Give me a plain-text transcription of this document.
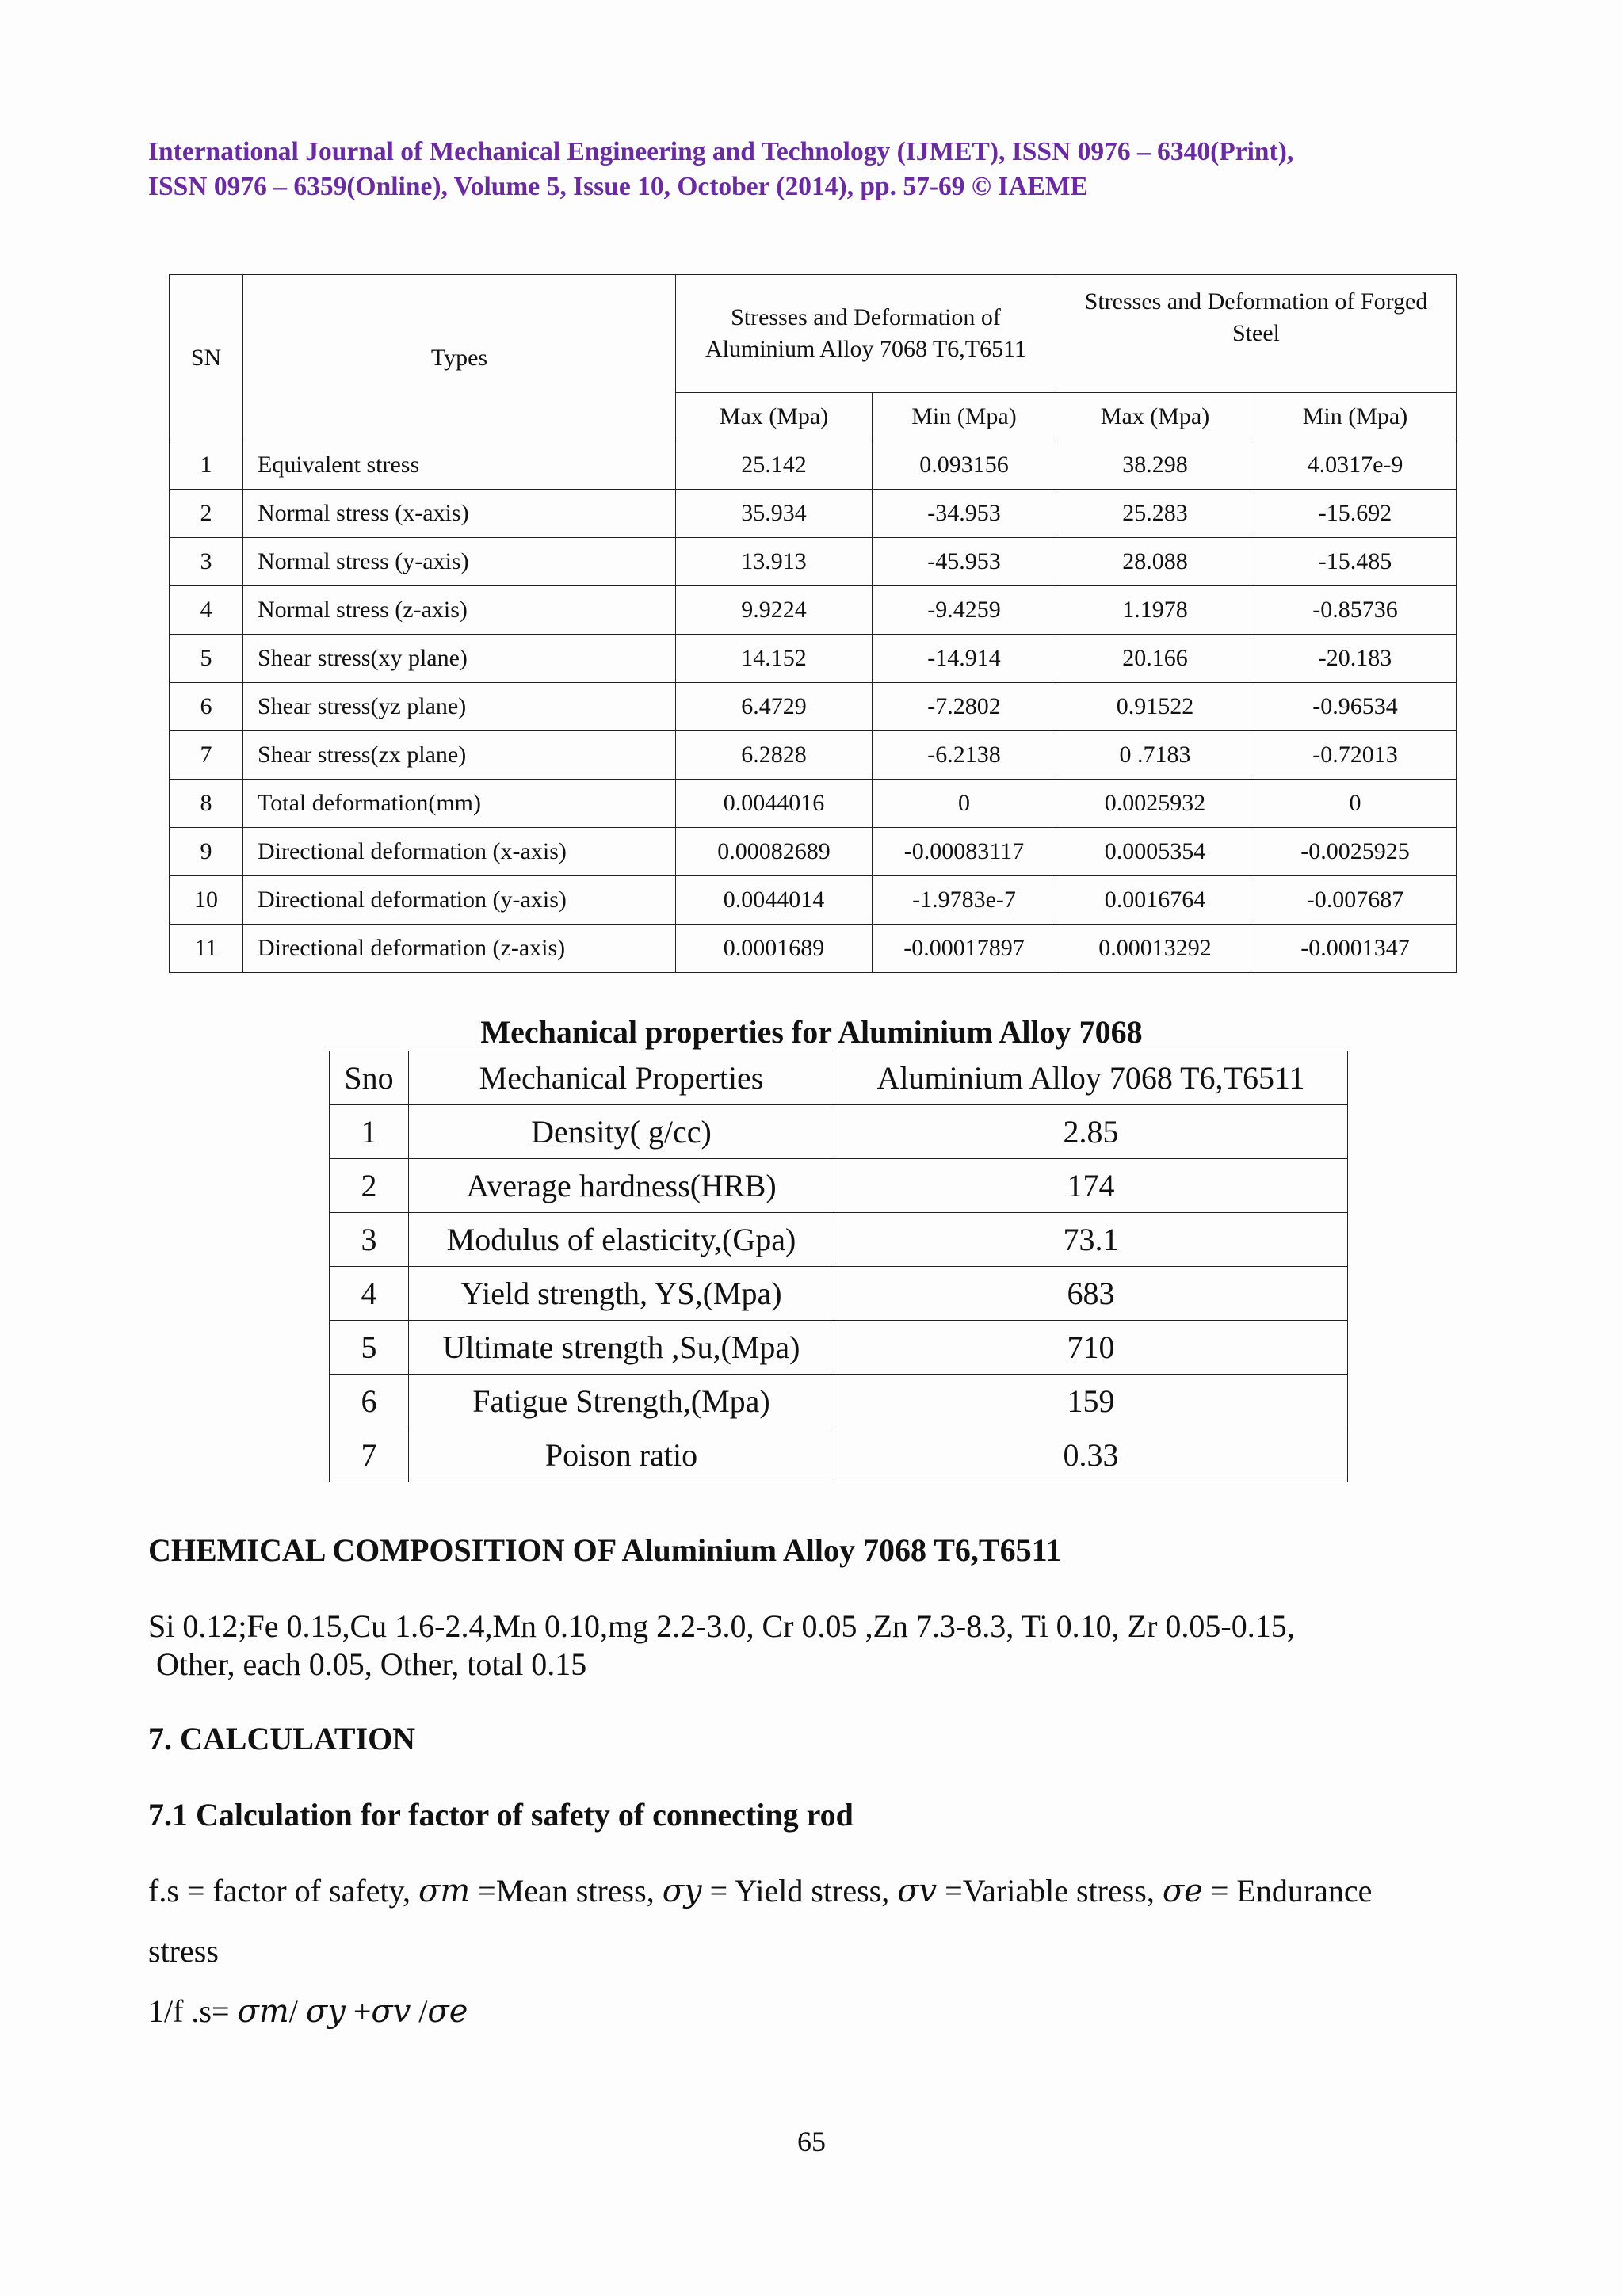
International Journal of Mechanical Engineering and Technology (IJMET), ISSN 0976 – 6340(Print),
ISSN 0976 – 6359(Online), Volume 5, Issue 10, October (2014), pp. 57-69 © IAEME
SN	Types	Stresses and Deformation of Aluminium Alloy 7068 T6,T6511		Stresses and Deformation of Forged Steel	
		Max (Mpa)	Min (Mpa)	Max (Mpa)	Min (Mpa)
1	Equivalent stress	25.142	0.093156	38.298	4.0317e-9
2	Normal stress (x-axis)	35.934	-34.953	25.283	-15.692
3	Normal stress (y-axis)	13.913	-45.953	28.088	-15.485
4	Normal stress (z-axis)	9.9224	-9.4259	1.1978	-0.85736
5	Shear stress(xy plane)	14.152	-14.914	20.166	-20.183
6	Shear stress(yz plane)	6.4729	-7.2802	0.91522	-0.96534
7	Shear stress(zx plane)	6.2828	-6.2138	0 .7183	-0.72013
8	Total deformation(mm)	0.0044016	0	0.0025932	0
9	Directional deformation (x-axis)	0.00082689	-0.00083117	0.0005354	-0.0025925
10	Directional deformation (y-axis)	0.0044014	-1.9783e-7	0.0016764	-0.007687
11	Directional deformation (z-axis)	0.0001689	-0.00017897	0.00013292	-0.0001347
Mechanical properties for Aluminium Alloy 7068
Sno	Mechanical Properties	Aluminium Alloy 7068 T6,T6511
1	Density( g/cc)	2.85
2	Average hardness(HRB)	174
3	Modulus of elasticity,(Gpa)	73.1
4	Yield strength, YS,(Mpa)	683
5	Ultimate strength ,Su,(Mpa)	710
6	Fatigue Strength,(Mpa)	159
7	Poison ratio	0.33
CHEMICAL COMPOSITION OF Aluminium Alloy 7068 T6,T6511
Si 0.12;Fe 0.15,Cu 1.6-2.4,Mn 0.10,mg 2.2-3.0, Cr 0.05 ,Zn 7.3-8.3, Ti 0.10, Zr 0.05-0.15,
Other, each 0.05, Other, total 0.15
7. CALCULATION
7.1 Calculation for factor of safety of connecting rod
f.s = factor of safety, σm =Mean stress, σy = Yield stress, σv =Variable stress, σe = Endurance
stress
1/f .s= σm/ σy +σv /σe
65
